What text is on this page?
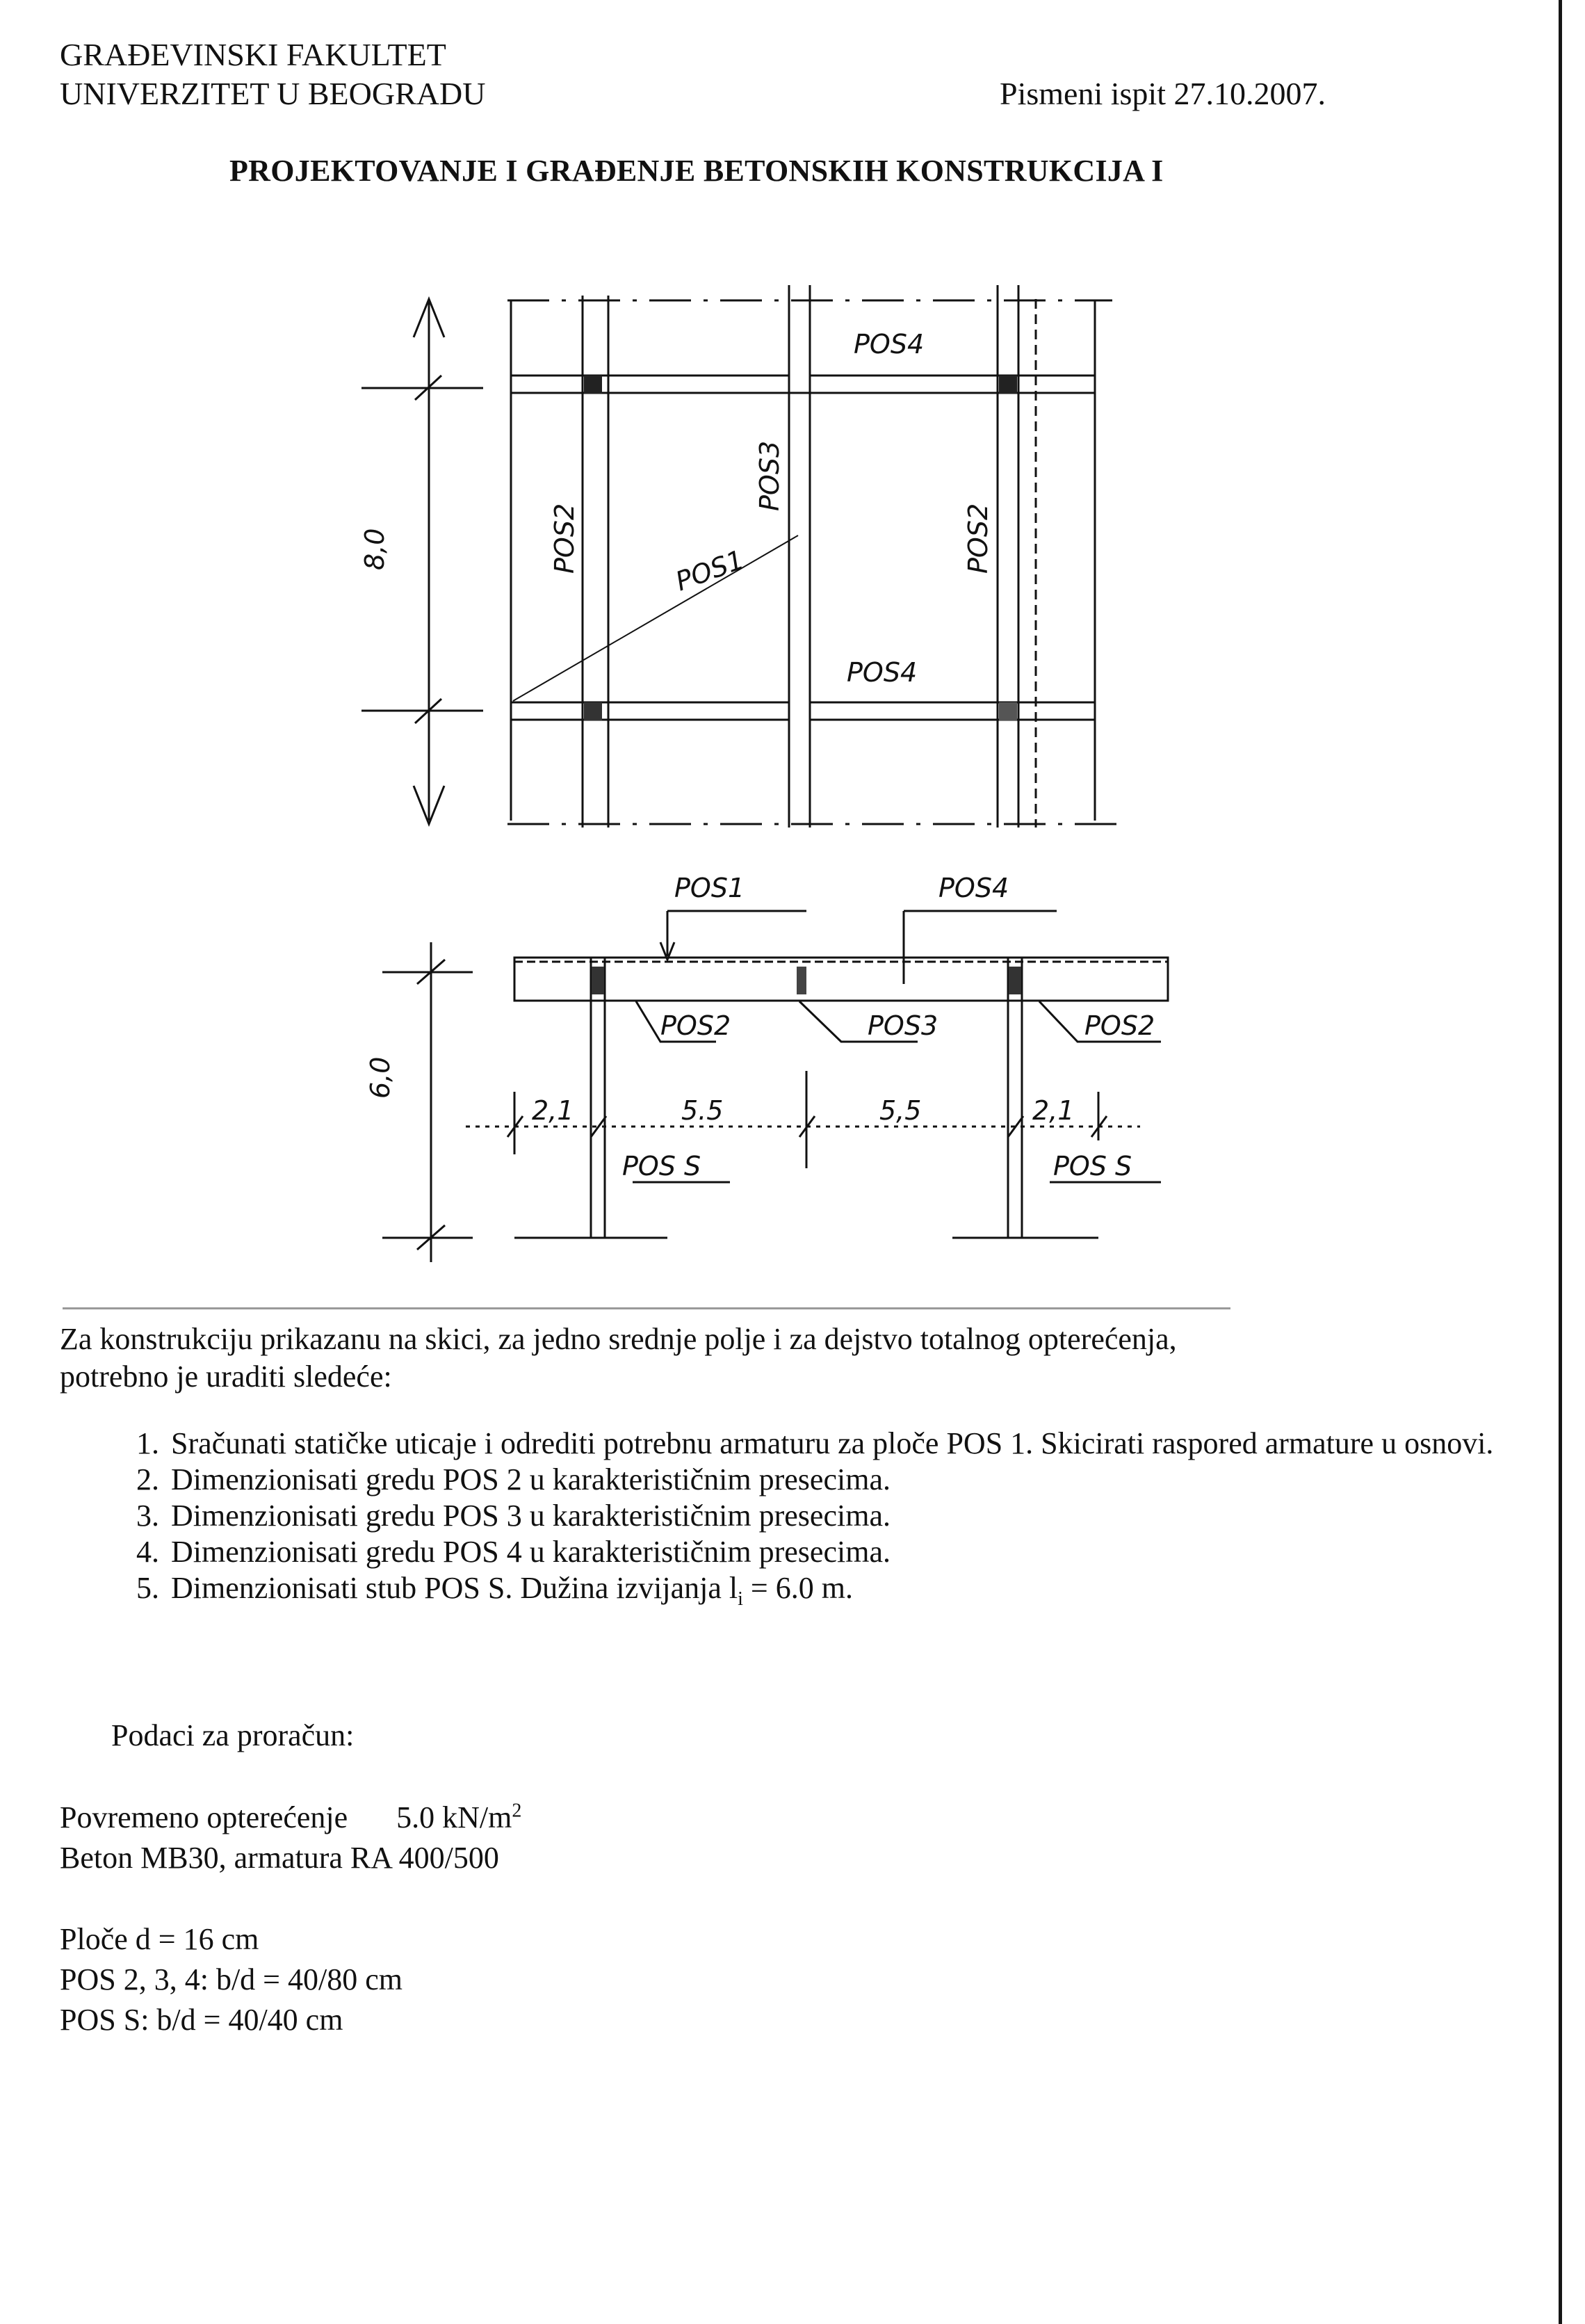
GRAĐEVINSKI FAKULTET
UNIVERZITET U BEOGRADU	Pismeni ispit 27.10.2007.
PROJEKTOVANJE I GRAĐENJE BETONSKIH KONSTRUKCIJA I
8,0
POS4
POS4
POS2	POS2
POS3
POS1
POS1	POS4
6,0
POS2	POS3	POS2
2,1	5.5	5,5	2,1
POS S	POS S
Za konstrukciju prikazanu na skici, za jedno srednje polje i za dejstvo totalnog opterećenja,
potrebno je uraditi sledeće:
1. Sračunati statičke uticaje i odrediti potrebnu armaturu za ploče POS 1. Skicirati raspored armature u osnovi.
2. Dimenzionisati gredu POS 2 u karakterističnim presecima.
3. Dimenzionisati gredu POS 3 u karakterističnim presecima.
4. Dimenzionisati gredu POS 4 u karakterističnim presecima.
5. Dimenzionisati stub POS S. Dužina izvijanja $l_i = 6.0$ m.
Podaci za proračun:
Povremeno opterećenje 5.0 $kN/m^2$
Beton MB30, armatura RA 400/500
Ploče d = 16 cm
POS 2, 3, 4: b/d = 40/80 cm
POS S: b/d = 40/40 cm
